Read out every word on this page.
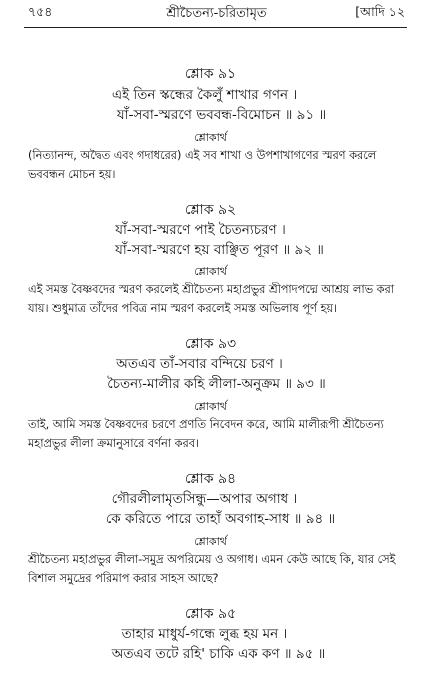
৭৫৪	শ্রীচৈতন্য-চরিতামৃত	[আদি ১২
শ্লোক ৯১
এই তিন স্কন্ধের কৈলুঁ শাখার গণন ।
যাঁ-সবা-স্মরণে ভববন্ধ-বিমোচন ॥ ৯১ ॥
শ্লোকার্থ
(নিত্যানন্দ, অদ্বৈত এবং গদাধরের) এই সব শাখা ও উপশাখাগণের স্মরণ করলে
ভববন্ধন মোচন হয়।
শ্লোক ৯২
যাঁ-সবা-স্মরণে পাই চৈতন্যচরণ ।
যাঁ-সবা-স্মরণে হয় বাঞ্ছিত পূরণ ॥ ৯২ ॥
শ্লোকার্থ
এই সমস্ত বৈষ্ণবদের স্মরণ করলেই শ্রীচৈতন্য মহাপ্রভুর শ্রীপাদপদ্মে আশ্রয় লাভ করা
যায়। শুধুমাত্র তাঁদের পবিত্র নাম স্মরণ করলেই সমস্ত অভিলাষ পূর্ণ হয়।
শ্লোক ৯৩
অতএব তাঁ-সবার বন্দিয়ে চরণ ।
চৈতন্য-মালীর কহি লীলা-অনুক্রম ॥ ৯৩ ॥
শ্লোকার্থ
তাই, আমি সমস্ত বৈষ্ণবদের চরণে প্রণতি নিবেদন করে, আমি মালীরূপী শ্রীচৈতন্য
মহাপ্রভুর লীলা ক্রমানুসারে বর্ণনা করব।
শ্লোক ৯৪
গৌরলীলামৃতসিন্ধু—অপার অগাধ ।
কে করিতে পারে তাহাঁ অবগাহ-সাধ ॥ ৯৪ ॥
শ্লোকার্থ
শ্রীচৈতন্য মহাপ্রভুর লীলা-সমুদ্র অপরিমেয় ও অগাধ। এমন কেউ আছে কি, যার সেই
বিশাল সমুদ্রের পরিমাপ করার সাহস আছে?
শ্লোক ৯৫
তাহার মাধুর্য-গন্ধে লুব্ধ হয় মন ।
অতএব তটে রহি' চাকি এক কণ ॥ ৯৫ ॥
